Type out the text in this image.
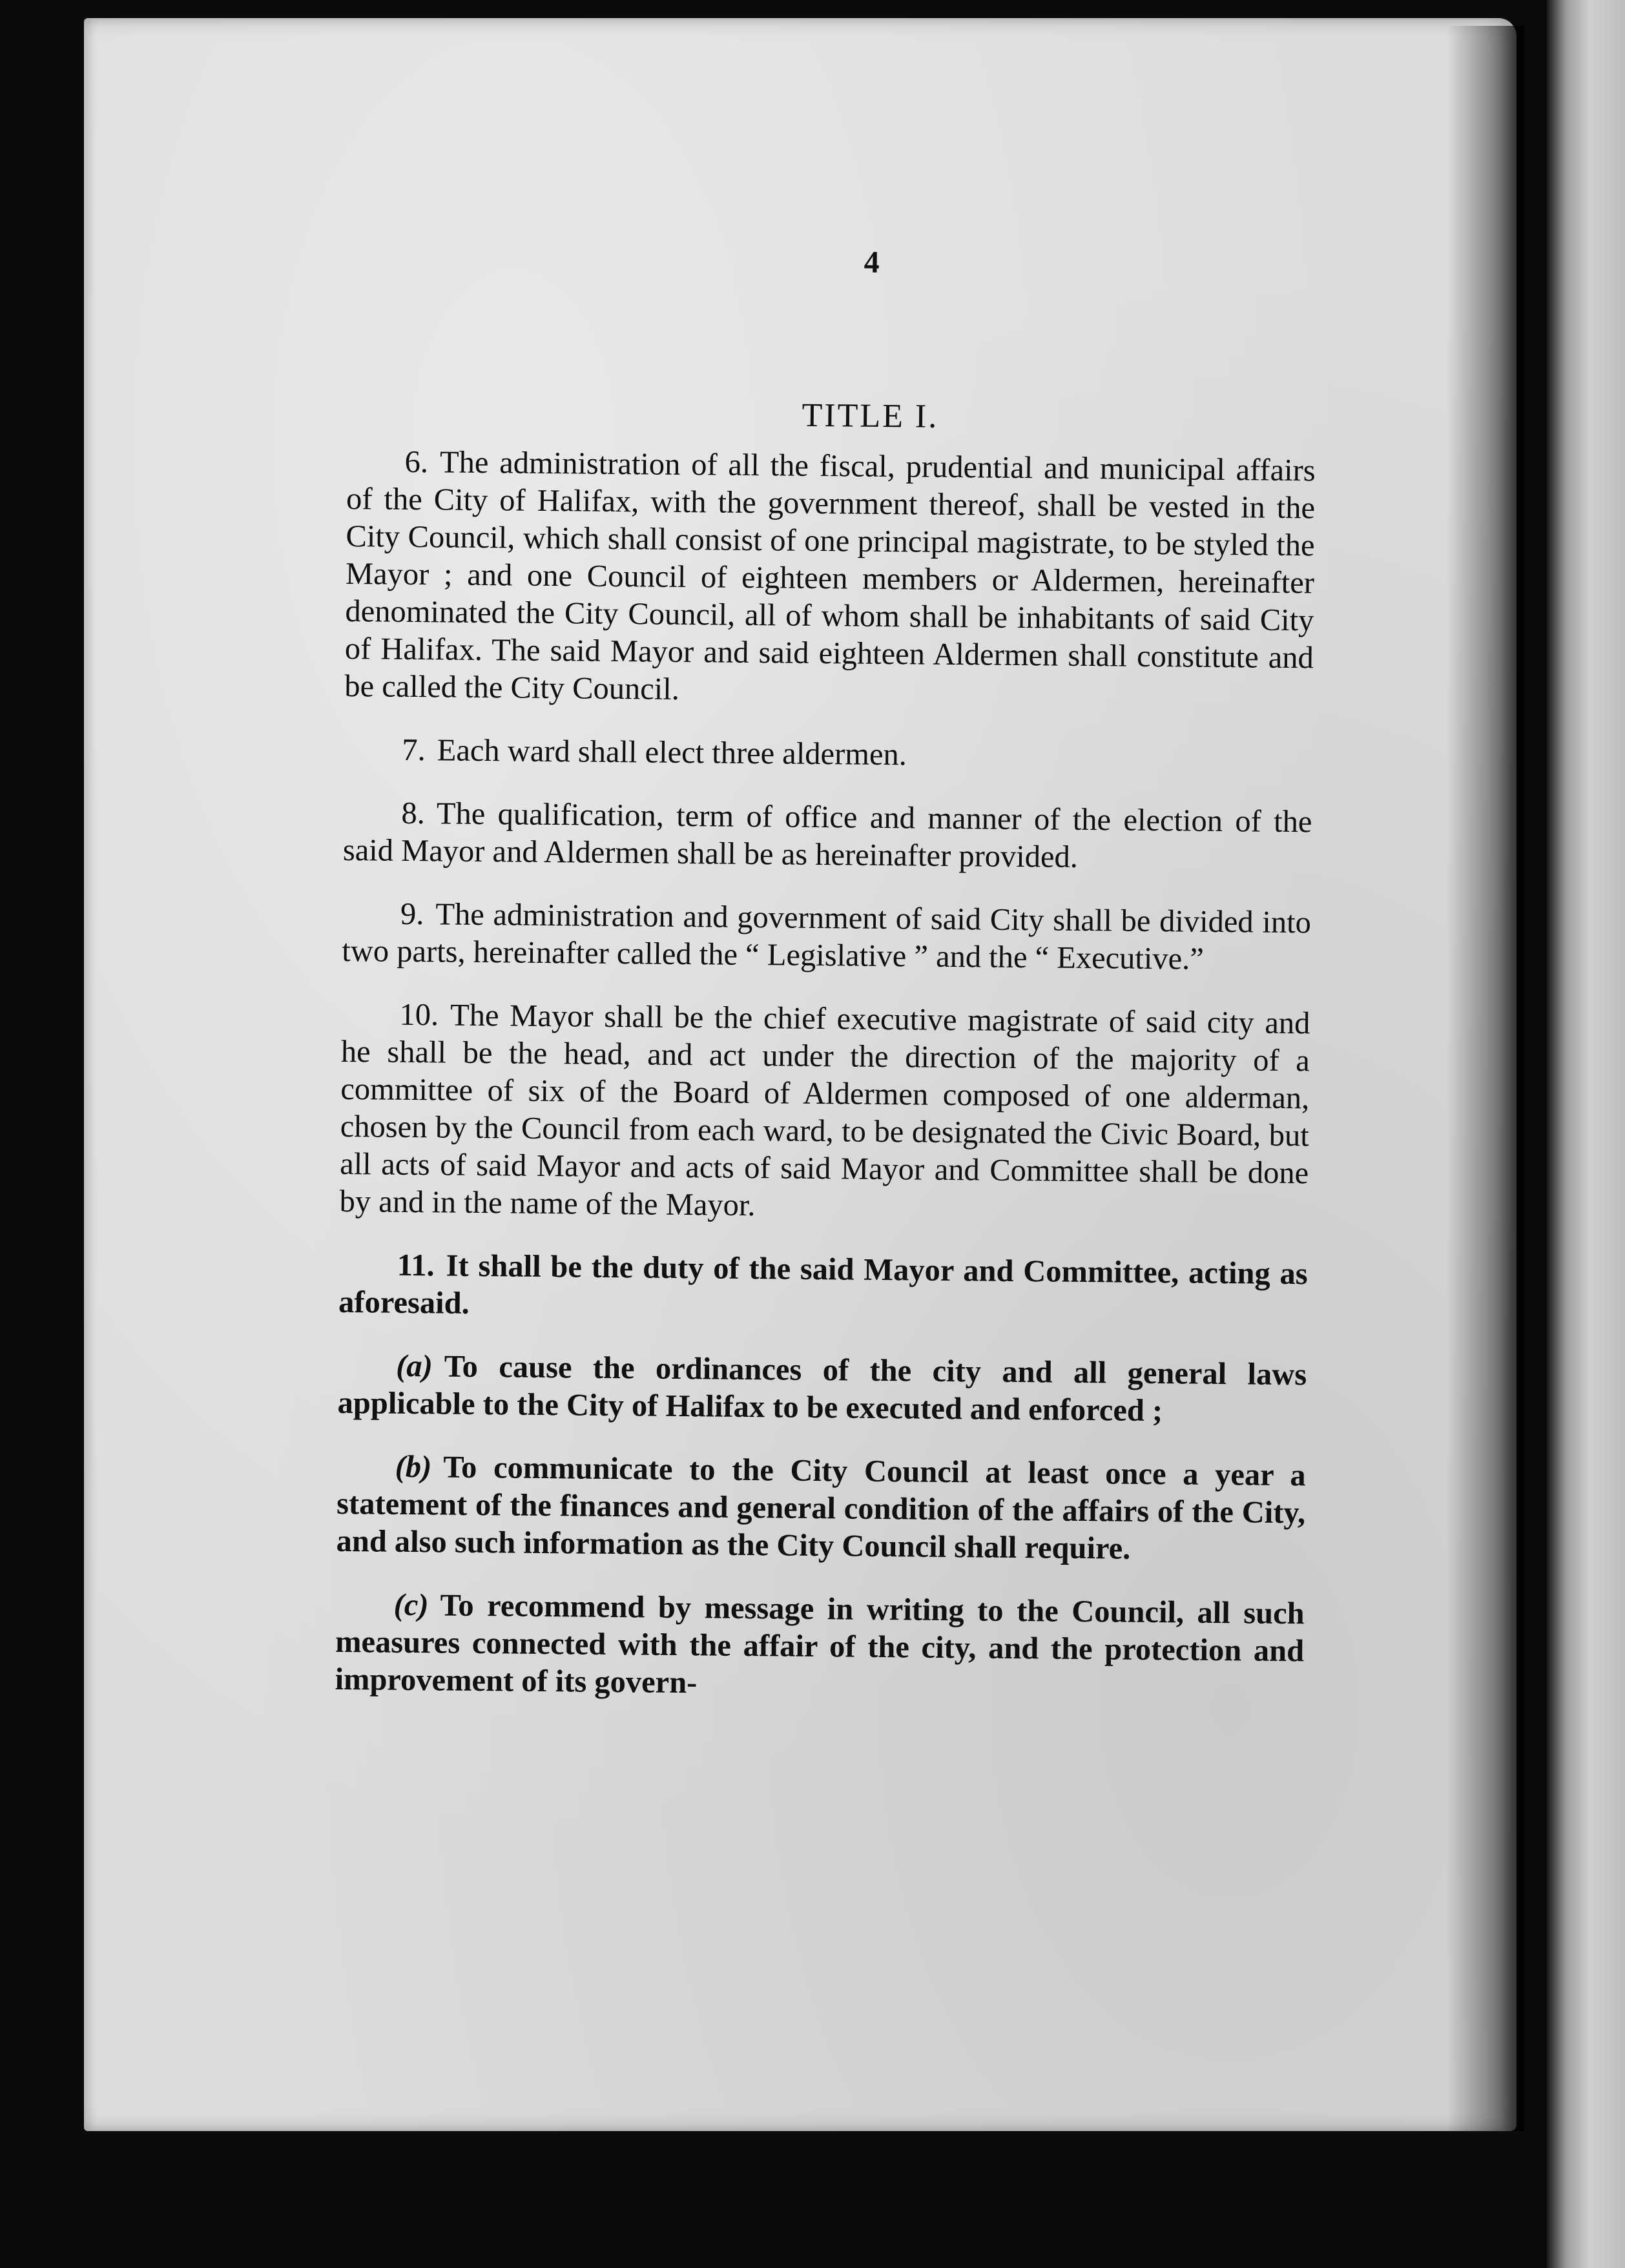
4
TITLE I.

6. The administration of all the fiscal, prudential and municipal affairs of the City of Halifax, with the government thereof, shall be vested in the City Council, which shall consist of one principal magistrate, to be styled the Mayor ; and one Council of eighteen members or Aldermen, hereinafter denominated the City Council, all of whom shall be inhabitants of said City of Halifax. The said Mayor and said eighteen Aldermen shall constitute and be called the City Council.

7. Each ward shall elect three aldermen.

8. The qualification, term of office and manner of the election of the said Mayor and Aldermen shall be as hereinafter provided.

9. The administration and government of said City shall be divided into two parts, hereinafter called the “ Legislative ” and the “ Executive.”

10. The Mayor shall be the chief executive magistrate of said city and he shall be the head, and act under the direction of the majority of a committee of six of the Board of Aldermen composed of one alderman, chosen by the Council from each ward, to be designated the Civic Board, but all acts of said Mayor and acts of said Mayor and Committee shall be done by and in the name of the Mayor.

11. It shall be the duty of the said Mayor and Committee, acting as aforesaid.

(a) To cause the ordinances of the city and all general laws applicable to the City of Halifax to be executed and enforced ;

(b) To communicate to the City Council at least once a year a statement of the finances and general condition of the affairs of the City, and also such information as the City Council shall require.

(c) To recommend by message in writing to the Council, all such measures connected with the affair of the city, and the protection and improvement of its govern-
